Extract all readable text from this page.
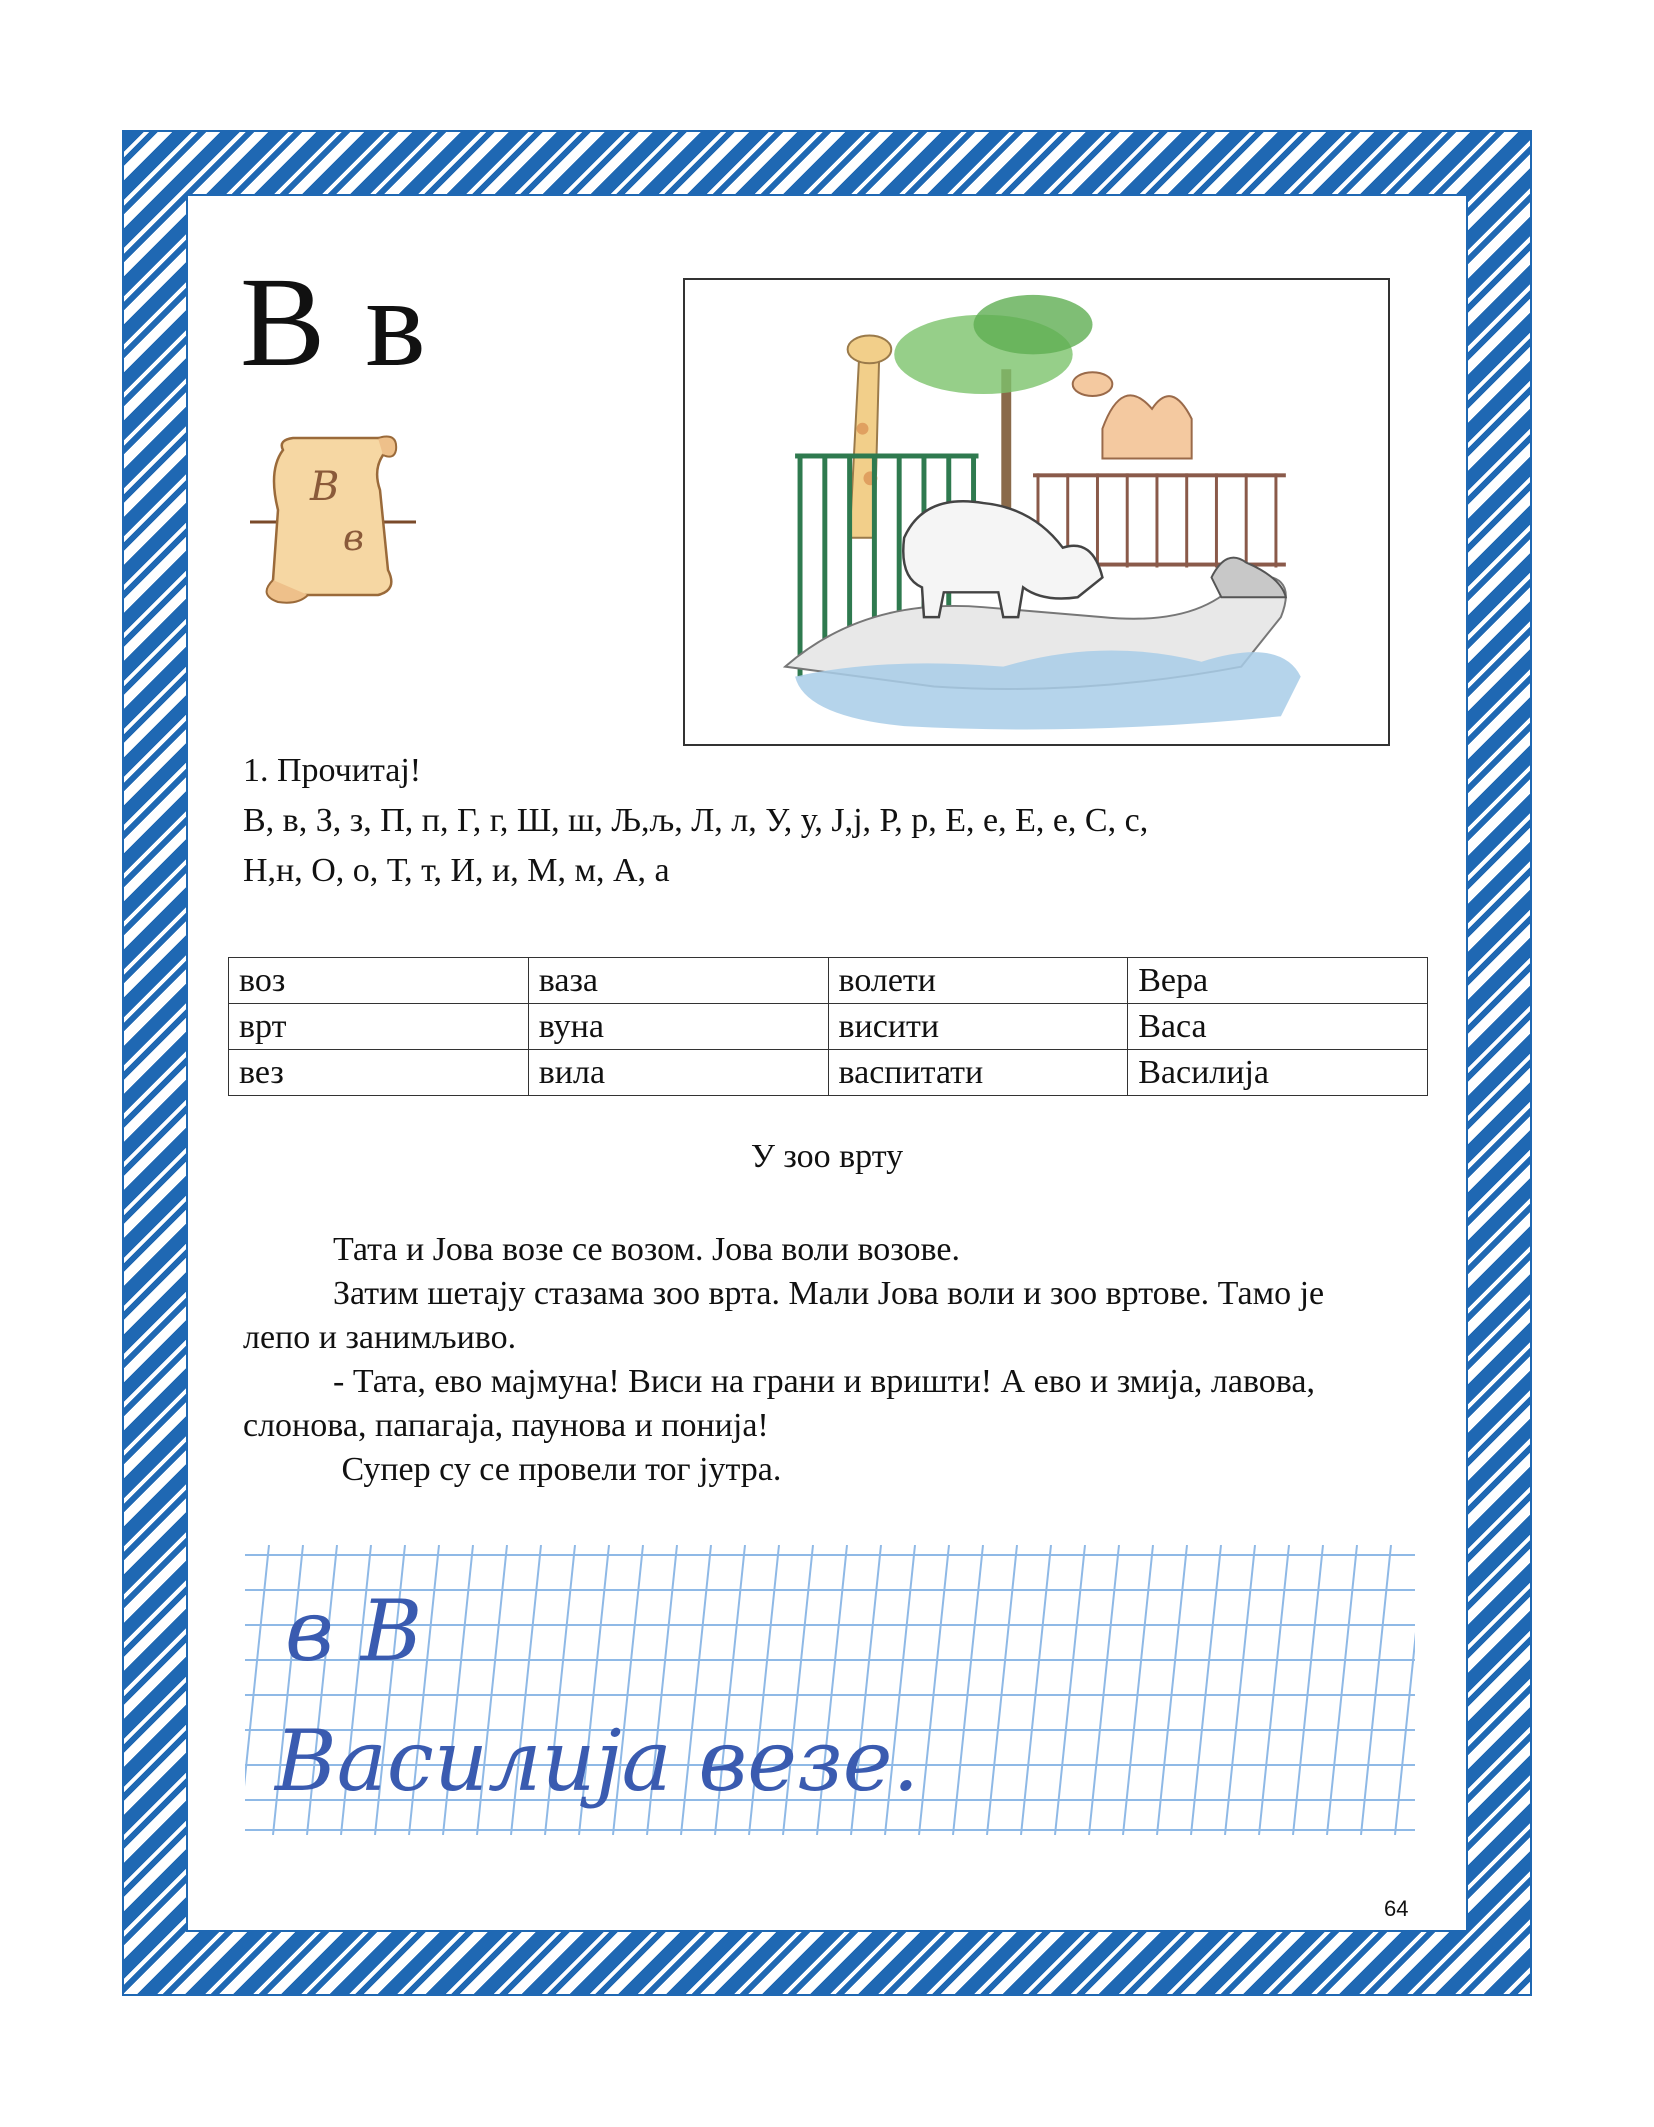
В в
В
в
1. Прочитај!
В, в, З, з, П, п, Г, г, Ш, ш, Љ,љ, Л, л, У, у, Ј,ј, Р, р, Е, е, Е, е, С, с,
Н,н, О, о, Т, т, И, и, М, м, А, а
воз	ваза	волети	Вера
врт	вуна	висити	Васа
вез	вила	васпитати	Василија
У зоо врту

Тата и Јова возе се возом. Јова воли возове.

Затим шетају стазама зоо врта. Мали Јова воли и зоо вртове. Тамо је лепо и занимљиво.

- Тата, ево мајмуна! Виси на грани и вришти! А ево и змија, лавова, слонова, папагаја, паунова и понија!

Супер су се провели тог јутра.

в В
Василија везе.
64
